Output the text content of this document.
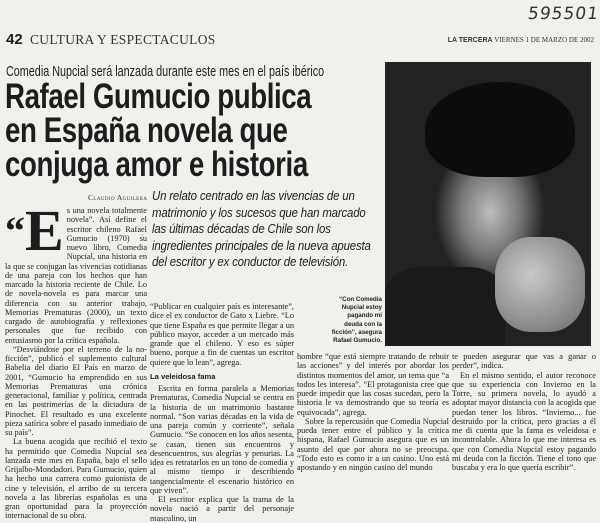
595501
42 CULTURA Y ESPECTACULOS	LA TERCERA VIERNES 1 DE MARZO DE 2002
Comedia Nupcial será lanzada durante este mes en el país ibérico
Rafael Gumucio publica
en España novela que
conjuga amor e historia
“Con Comedia Nupcial estoy pagando mi deuda con la ficción”, asegura Rafael Gumucio.
Claudio Aguilera
“E s una novela totalmente novela”. Así define el escritor chileno Rafael Gumucio (1970) su nuevo libro, Comedia Nupcial, una historia en la que se conjugan las vivencias cotidianas de una pareja con los hechos que han marcado la historia reciente de Chile. Lo de novela-novela es para marcar una diferencia con su anterior trabajo, Memorias Prematuras (2000), un texto cargado de autobiografía y reflexiones personales que fue recibido con entusiasmo por la crítica española.

“Desviándose por el terreno de la no-ficción”, publicó el suplemento cultural Babelia del diario El País en marzo de 2001, “Gumucio ha emprendido en sus Memorias Prematuras una crónica generacional, familiar y política, centrada en las postrimerías de la dictadura de Pinochet. El resultado es una excelente pieza satírica sobre el pasado inmediato de su país”.

La buena acogida que recibió el texto ha permitido que Comedia Nupcial sea lanzada este mes en España, bajo el sello Grijalbo-Mondadori. Para Gumucio, quien ha hecho una carrera como guionista de cine y televisión, el arribo de su tercera novela a las librerías españolas es una gran oportunidad para la proyección internacional de su obra.

Un relato centrado en las vivencias de un matrimonio y los sucesos que han marcado las últimas décadas de Chile son los ingredientes principales de la nueva apuesta del escritor y ex conductor de televisión.

“Publicar en cualquier país es interesante”, dice el ex conductor de Gato x Liebre. “Lo que tiene España es que permite llegar a un público mayor, acceder a un mercado más grande que el chileno. Y eso es súper bueno, porque a fin de cuentas un escritor quiere que lo lean”, agrega.

La veleidosa fama

Escrita en forma paralela a Memorias Prematuras, Comedia Nupcial se centra en la historia de un matrimonio bastante normal. “Son varias décadas en la vida de una pareja común y corriente”, señala Gumucio. “Se conocen en los años sesenta, se casan, tienen sus encuentros y desencuentros, sus alegrías y penurias. La idea es retratarlos en un tono de comedia y al mismo tiempo ir describiendo tangencialmente el escenario histórico en que viven”.

El escritor explica que la trama de la novela nació a partir del personaje masculino, un

hombre “que está siempre tratando de rehuir las acciones” y del interés por abordar los distintos momentos del amor, un tema que “a todos les interesa”. “El protagonista cree que puede impedir que las cosas sucedan, pero la historia le va demostrando que su teoría es equivocada”, agrega.

Sobre la repercusión que Comedia Nupcial pueda tener entre el público y la crítica hispana, Rafael Gumucio asegura que es un asunto del que por ahora no se preocupa. “Todo esto es como ir a un casino. Uno está apostando y en ningún casino del mundo

te pueden asegurar que vas a ganar o perder”, indica.

En el mismo sentido, el autor reconoce que su experiencia con Invierno en la Torre, su primera novela, lo ayudó a adoptar mayor distancia con la acogida que puedan tener los libros. “Invierno... fue destruido por la crítica, pero gracias a él me di cuenta que la fama es veleidosa e incontrolable. Ahora lo que me interesa es que con Comedia Nupcial estoy pagando mi deuda con la ficción. Tiene el tono que buscaba y era lo que quería escribir”.
